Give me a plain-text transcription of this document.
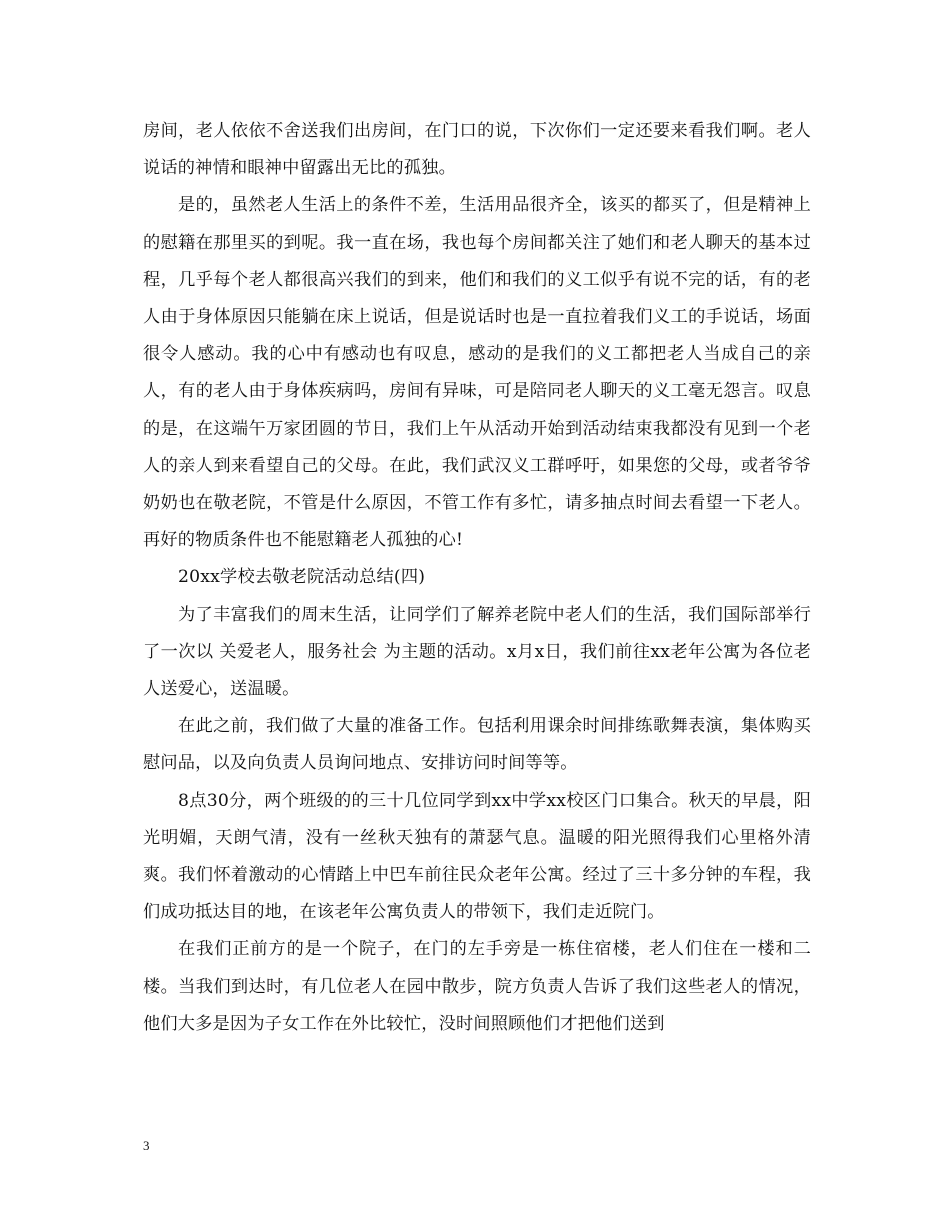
房间，老人依依不舍送我们出房间，在门口的说，下次你们一定还要来看我们啊。老人说话的神情和眼神中留露出无比的孤独。

是的，虽然老人生活上的条件不差，生活用品很齐全，该买的都买了，但是精神上的慰籍在那里买的到呢。我一直在场，我也每个房间都关注了她们和老人聊天的基本过程，几乎每个老人都很高兴我们的到来，他们和我们的义工似乎有说不完的话，有的老人由于身体原因只能躺在床上说话，但是说话时也是一直拉着我们义工的手说话，场面很令人感动。我的心中有感动也有叹息，感动的是我们的义工都把老人当成自己的亲人，有的老人由于身体疾病吗，房间有异味，可是陪同老人聊天的义工毫无怨言。叹息的是，在这端午万家团圆的节日，我们上午从活动开始到活动结束我都没有见到一个老人的亲人到来看望自己的父母。在此，我们武汉义工群呼吁，如果您的父母，或者爷爷奶奶也在敬老院，不管是什么原因，不管工作有多忙，请多抽点时间去看望一下老人。再好的物质条件也不能慰籍老人孤独的心!

20xx学校去敬老院活动总结(四)

为了丰富我们的周末生活，让同学们了解养老院中老人们的生活，我们国际部举行了一次以 关爱老人，服务社会 为主题的活动。x月x日，我们前往xx老年公寓为各位老人送爱心，送温暖。

在此之前，我们做了大量的准备工作。包括利用课余时间排练歌舞表演，集体购买慰问品，以及向负责人员询问地点、安排访问时间等等。

8点30分，两个班级的的三十几位同学到xx中学xx校区门口集合。秋天的早晨，阳光明媚，天朗气清，没有一丝秋天独有的萧瑟气息。温暖的阳光照得我们心里格外清爽。我们怀着激动的心情踏上中巴车前往民众老年公寓。经过了三十多分钟的车程，我们成功抵达目的地，在该老年公寓负责人的带领下，我们走近院门。

在我们正前方的是一个院子，在门的左手旁是一栋住宿楼，老人们住在一楼和二楼。当我们到达时，有几位老人在园中散步，院方负责人告诉了我们这些老人的情况，他们大多是因为子女工作在外比较忙，没时间照顾他们才把他们送到

3
